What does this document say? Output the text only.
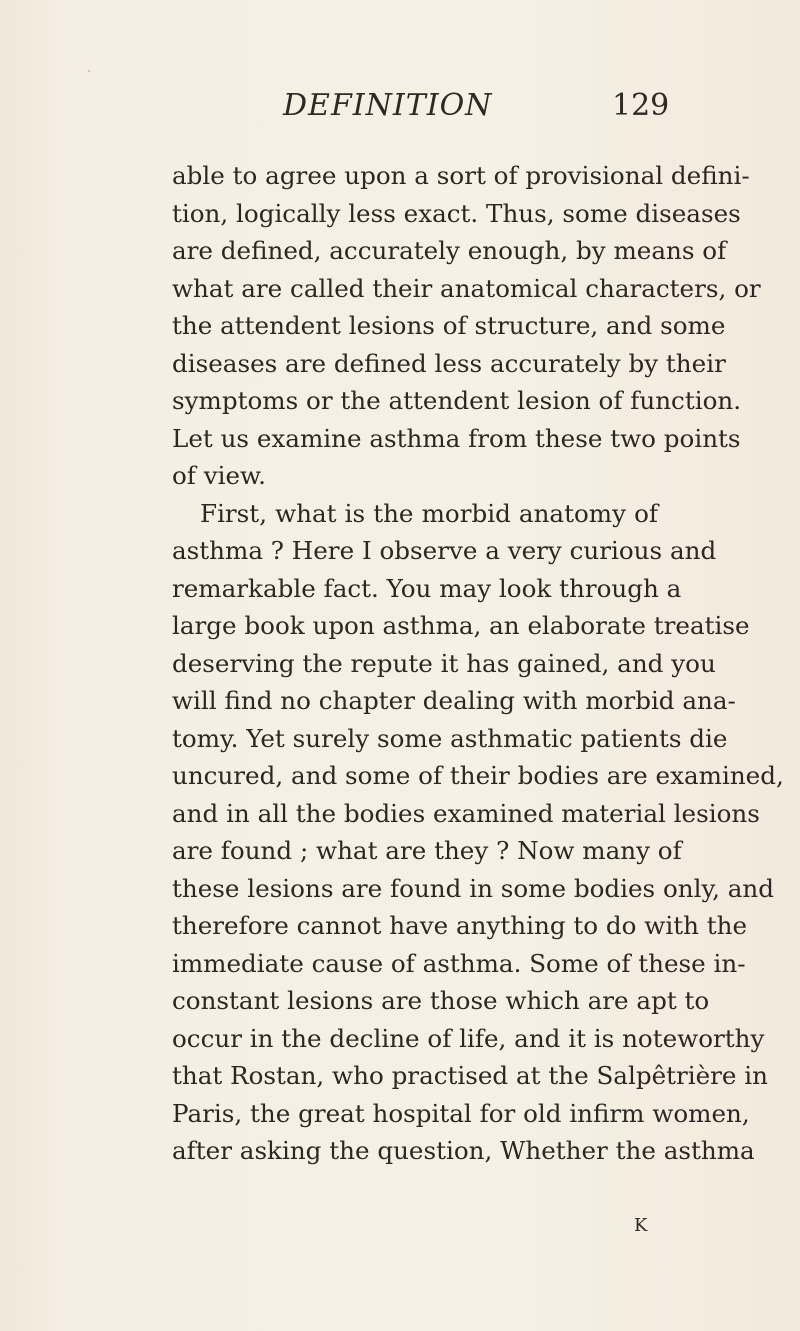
DEFINITION	129
able to agree upon a sort of provisional defini-
tion, logically less exact. Thus, some diseases
are defined, accurately enough, by means of
what are called their anatomical characters, or
the attendent lesions of structure, and some
diseases are defined less accurately by their
symptoms or the attendent lesion of function.
Let us examine asthma from these two points
of view.
First, what is the morbid anatomy of
asthma ? Here I observe a very curious and
remarkable fact. You may look through a
large book upon asthma, an elaborate treatise
deserving the repute it has gained, and you
will find no chapter dealing with morbid ana-
tomy. Yet surely some asthmatic patients die
uncured, and some of their bodies are examined,
and in all the bodies examined material lesions
are found ; what are they ? Now many of
these lesions are found in some bodies only, and
therefore cannot have anything to do with the
immediate cause of asthma. Some of these in-
constant lesions are those which are apt to
occur in the decline of life, and it is noteworthy
that Rostan, who practised at the Salpêtrière in
Paris, the great hospital for old infirm women,
after asking the question, Whether the asthma
K
